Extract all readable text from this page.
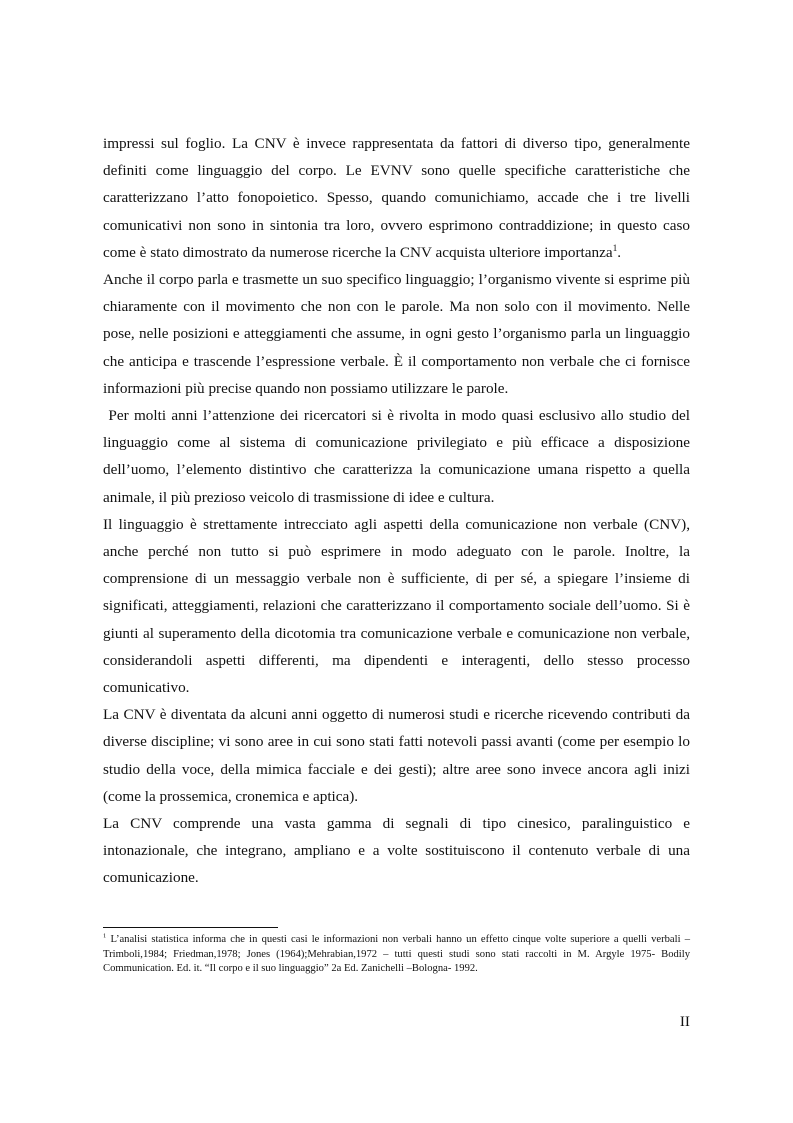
impressi sul foglio. La CNV è invece rappresentata da fattori di diverso tipo, generalmente definiti come linguaggio del corpo. Le EVNV sono quelle specifiche caratteristiche che caratterizzano l’atto fonopoietico. Spesso, quando comunichiamo, accade che i tre livelli comunicativi non sono in sintonia tra loro, ovvero esprimono contraddizione; in questo caso come è stato dimostrato da numerose ricerche la CNV acquista ulteriore importanza$^1$.

Anche il corpo parla e trasmette un suo specifico linguaggio; l’organismo vivente si esprime più chiaramente con il movimento che non con le parole. Ma non solo con il movimento. Nelle pose, nelle posizioni e atteggiamenti che assume, in ogni gesto l’organismo parla un linguaggio che anticipa e trascende l’espressione verbale. È il comportamento non verbale che ci fornisce informazioni più precise quando non possiamo utilizzare le parole.

Per molti anni l’attenzione dei ricercatori si è rivolta in modo quasi esclusivo allo studio del linguaggio come al sistema di comunicazione privilegiato e più efficace a disposizione dell’uomo, l’elemento distintivo che caratterizza la comunicazione umana rispetto a quella animale, il più prezioso veicolo di trasmissione di idee e cultura.

Il linguaggio è strettamente intrecciato agli aspetti della comunicazione non verbale (CNV), anche perché non tutto si può esprimere in modo adeguato con le parole. Inoltre, la comprensione di un messaggio verbale non è sufficiente, di per sé, a spiegare l’insieme di significati, atteggiamenti, relazioni che caratterizzano il comportamento sociale dell’uomo. Si è giunti al superamento della dicotomia tra comunicazione verbale e comunicazione non verbale, considerandoli aspetti differenti, ma dipendenti e interagenti, dello stesso processo comunicativo.

La CNV è diventata da alcuni anni oggetto di numerosi studi e ricerche ricevendo contributi da diverse discipline; vi sono aree in cui sono stati fatti notevoli passi avanti (come per esempio lo studio della voce, della mimica facciale e dei gesti); altre aree sono invece ancora agli inizi (come la prossemica, cronemica e aptica).

La CNV comprende una vasta gamma di segnali di tipo cinesico, paralinguistico e intonazionale, che integrano, ampliano e a volte sostituiscono il contenuto verbale di una comunicazione.

$^1$ L’analisi statistica informa che in questi casi le informazioni non verbali hanno un effetto cinque volte superiore a quelli verbali – Trimboli,1984; Friedman,1978; Jones (1964);Mehrabian,1972 – tutti questi studi sono stati raccolti in M. Argyle 1975- Bodily Communication. Ed. it. “Il corpo e il suo linguaggio” 2a Ed. Zanichelli –Bologna- 1992.
II
